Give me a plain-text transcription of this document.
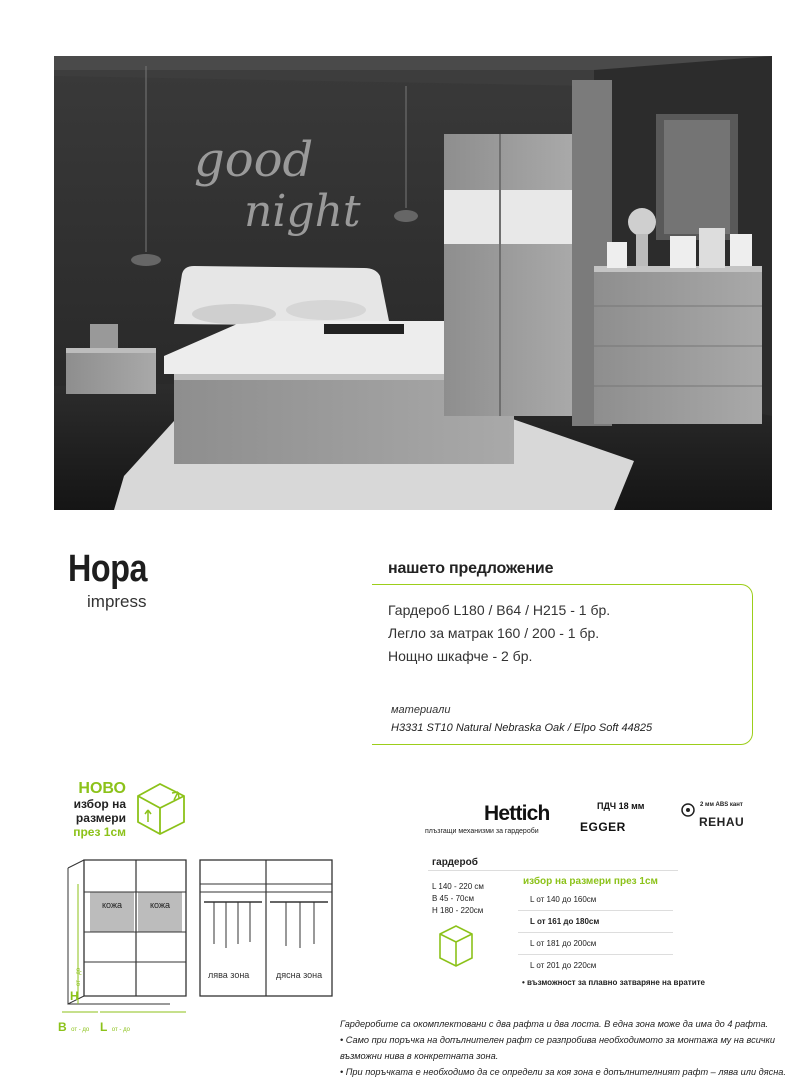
good
night
Нора
impress
нашето предложение
Гардероб L180 / B64 / H215 - 1 бр.
Легло за матрак 160 / 200 - 1 бр.
Нощно шкафче - 2 бр.
материали
H3331 ST10 Natural Nebraska Oak / Elpo Soft 44825
НОВО
избор на
размери
през 1см
кожа	кожа
H
от - до
B от - до L от - до
лява зона	дясна зона
Hettich
плъзгащи механизми за гардероби
ПДЧ 18 мм
EGGER
2 мм ABS кант
REHAU
гардероб
L 140 - 220 см
B 45 - 70см
H 180 - 220см
избор на размери през 1см
L от 140 до 160см
L от 161 до 180см
L от 181 до 200см
L от 201 до 220см
• възможност за плавно затваряне на вратите
Гардеробите са окомплектовани с два рафта и два лоста. В една зона може да има до 4 рафта.
• Само при поръчка на допълнителен рафт се разпробива необходимото за монтажа му на всички
възможни нива в конкретната зона.
• При поръчката е необходимо да се определи за коя зона е допълнителният рафт – лява или дясна.
